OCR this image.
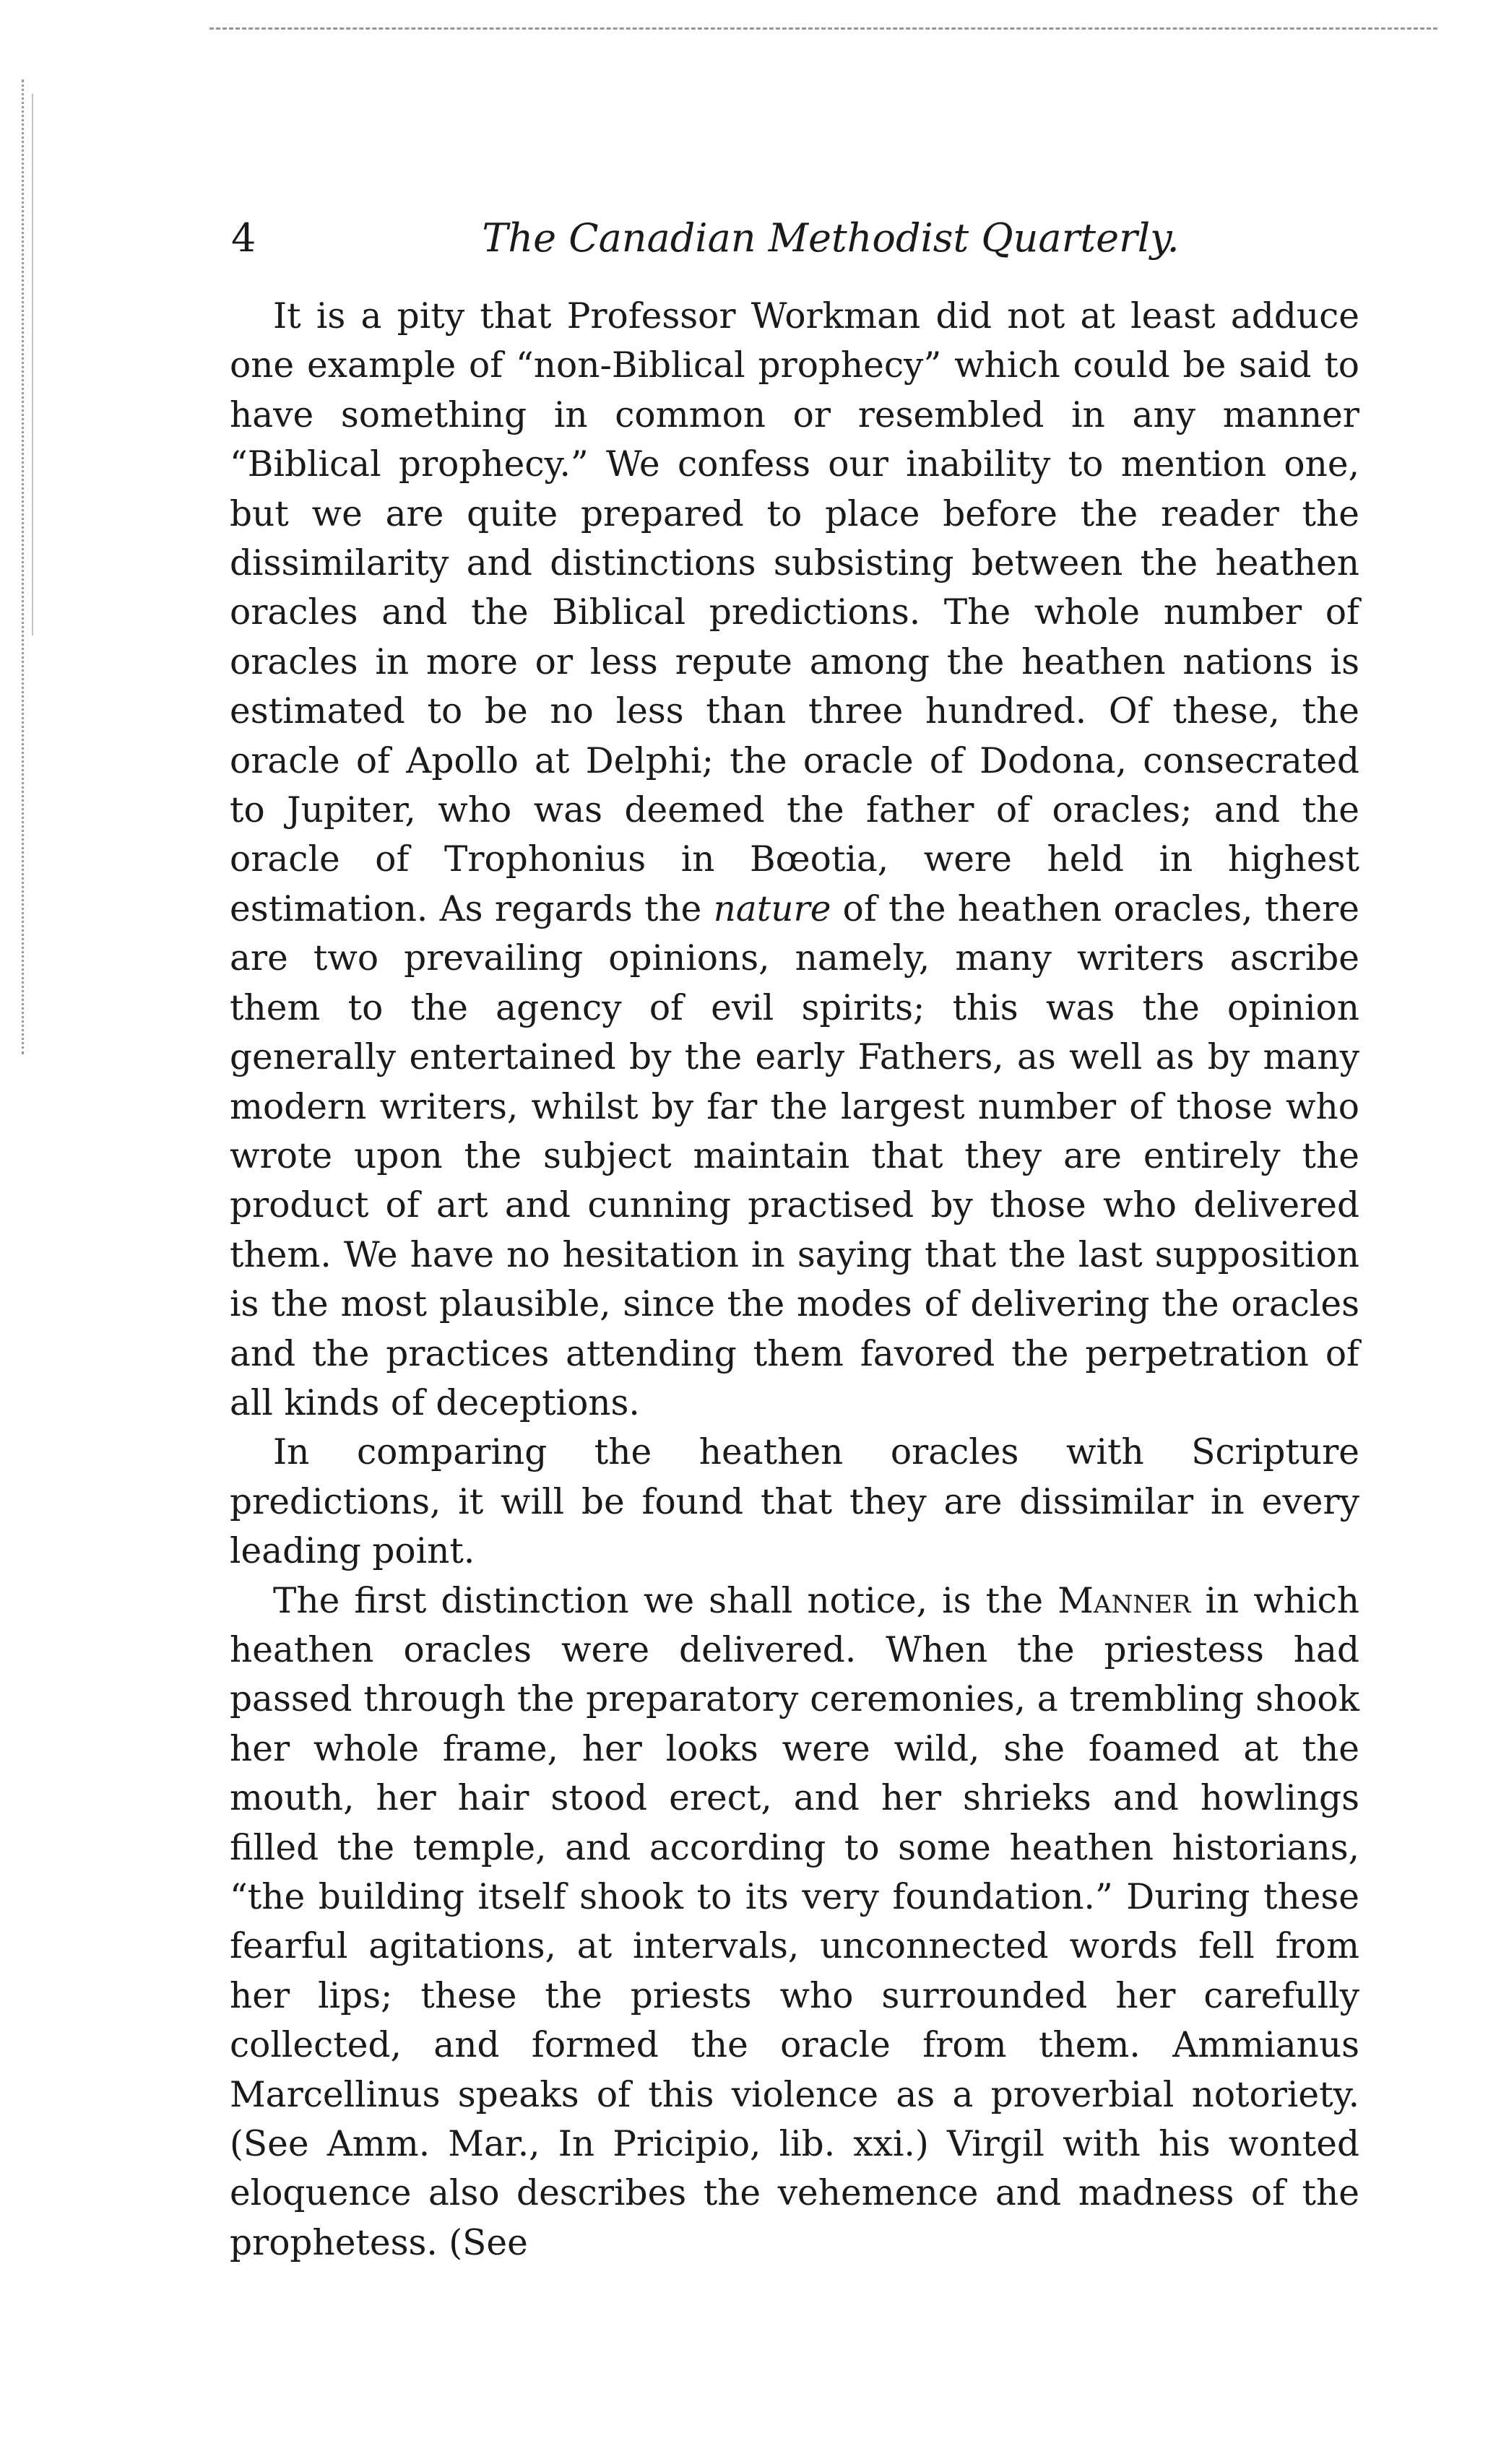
4	The Canadian Methodist Quarterly.

It is a pity that Professor Workman did not at least adduce one example of “non-Biblical prophecy” which could be said to have something in common or resembled in any manner “Biblical prophecy.” We confess our inability to mention one, but we are quite prepared to place before the reader the dissimilarity and distinctions subsisting between the heathen oracles and the Biblical predictions. The whole number of oracles in more or less repute among the heathen nations is estimated to be no less than three hundred. Of these, the oracle of Apollo at Delphi; the oracle of Dodona, consecrated to Jupiter, who was deemed the father of oracles; and the oracle of Trophonius in Bœotia, were held in highest estimation. As regards the nature of the heathen oracles, there are two prevailing opinions, namely, many writers ascribe them to the agency of evil spirits; this was the opinion generally entertained by the early Fathers, as well as by many modern writers, whilst by far the largest number of those who wrote upon the subject maintain that they are entirely the product of art and cunning practised by those who delivered them. We have no hesitation in saying that the last supposition is the most plausible, since the modes of delivering the oracles and the practices attending them favored the perpetration of all kinds of deceptions.

In comparing the heathen oracles with Scripture predictions, it will be found that they are dissimilar in every leading point.

The first distinction we shall notice, is the Manner in which heathen oracles were delivered. When the priestess had passed through the preparatory ceremonies, a trembling shook her whole frame, her looks were wild, she foamed at the mouth, her hair stood erect, and her shrieks and howlings filled the temple, and according to some heathen historians, “the building itself shook to its very foundation.” During these fearful agitations, at intervals, unconnected words fell from her lips; these the priests who surrounded her carefully collected, and formed the oracle from them. Ammianus Marcellinus speaks of this violence as a proverbial notoriety. (See Amm. Mar., In Pricipio, lib. xxi.) Virgil with his wonted eloquence also describes the vehemence and madness of the prophetess. (See
